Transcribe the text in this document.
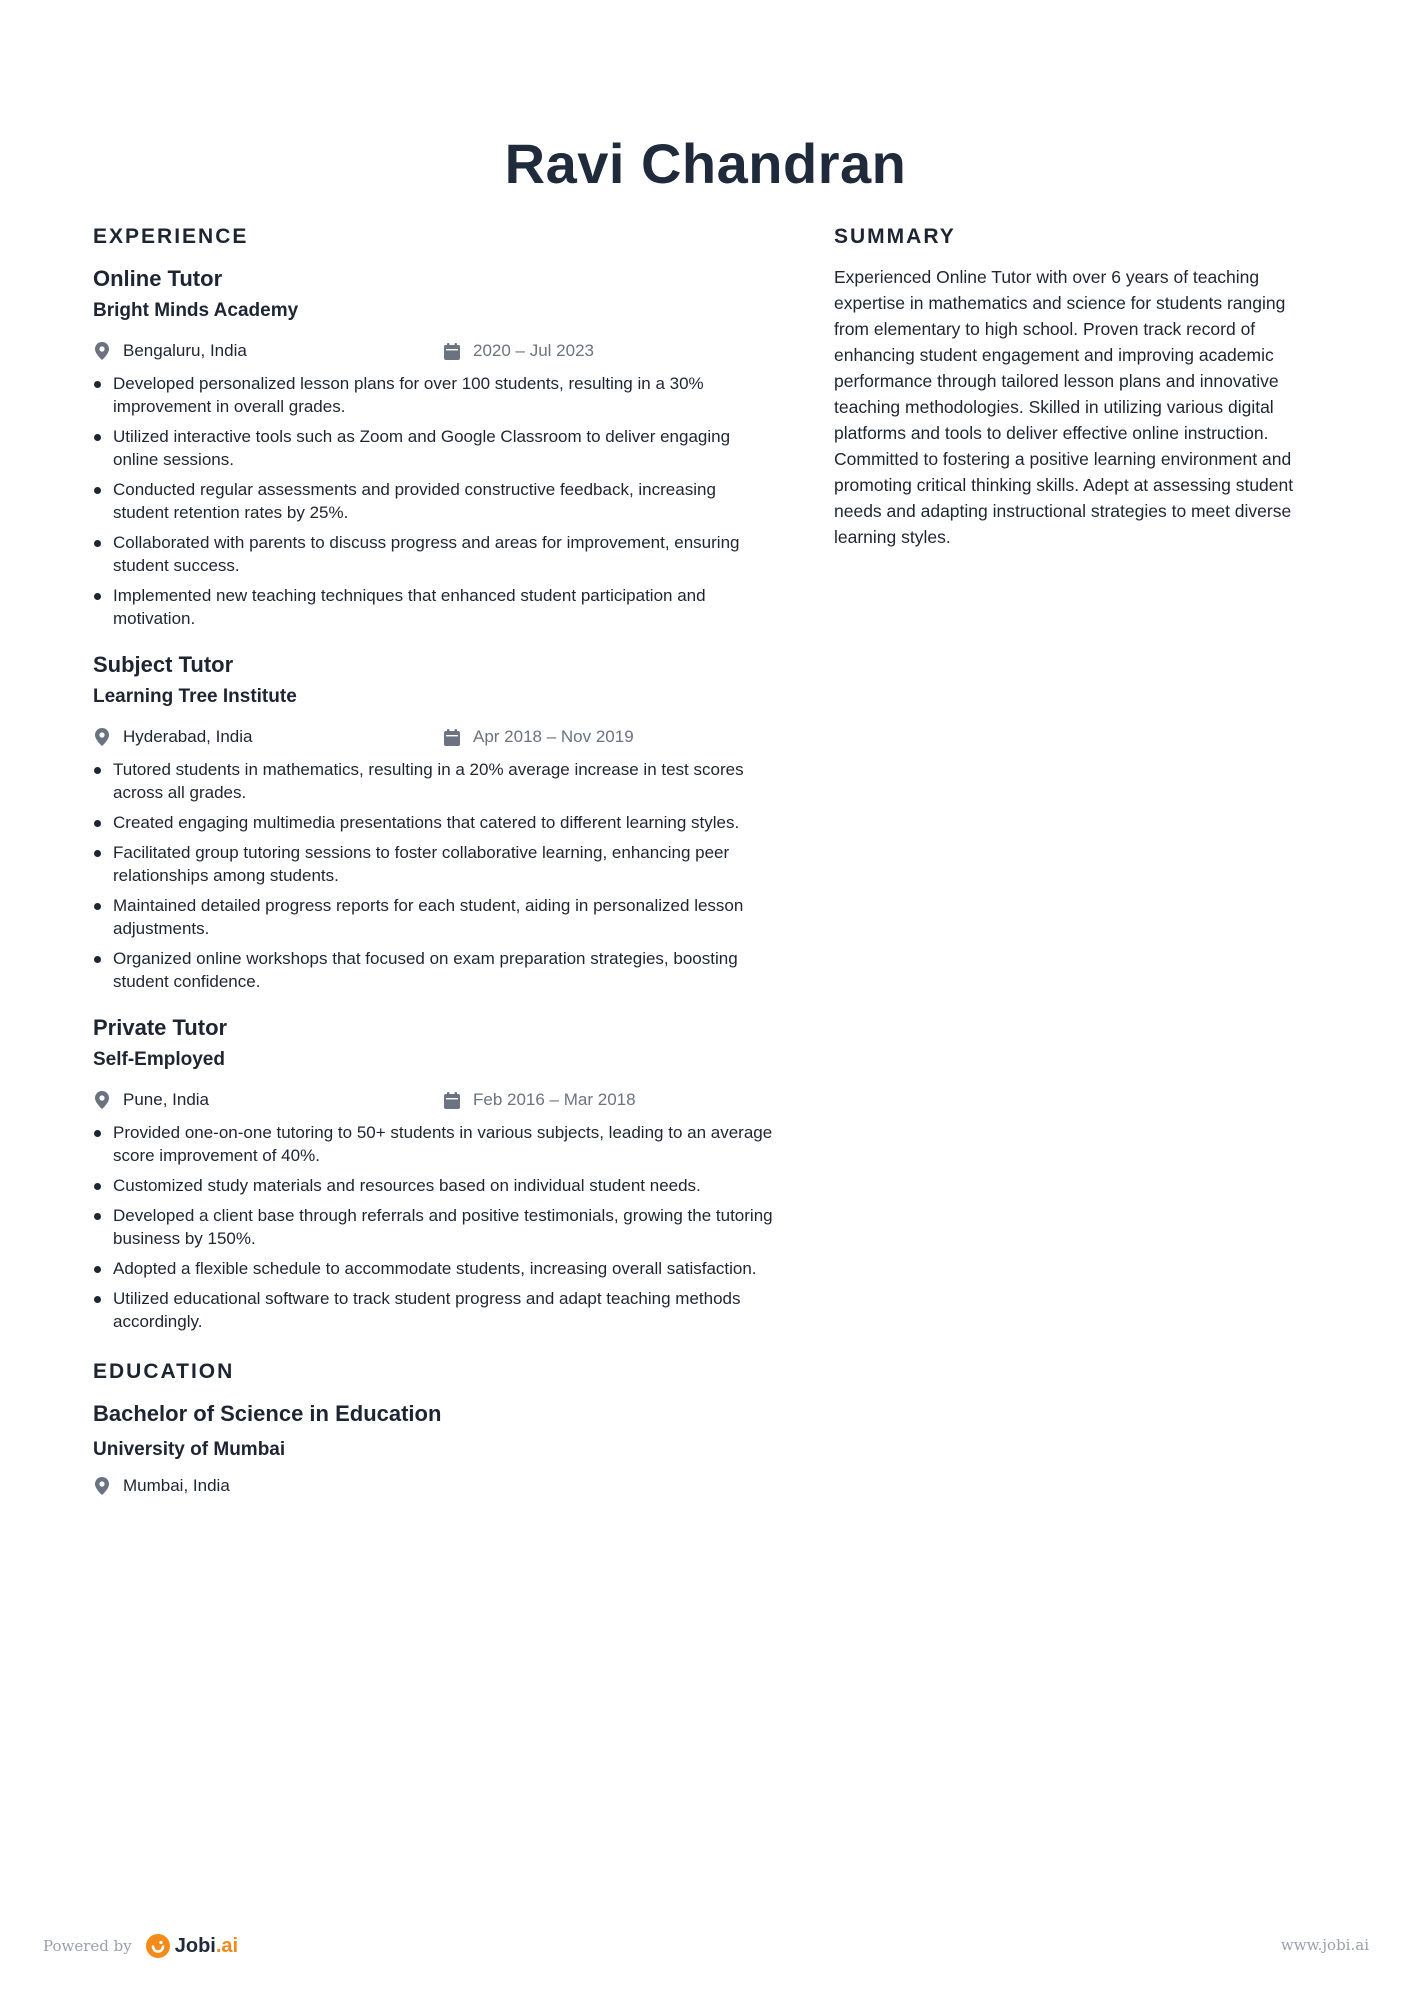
Ravi Chandran
EXPERIENCE
Online Tutor
Bright Minds Academy
Bengaluru, India	2020 – Jul 2023
Developed personalized lesson plans for over 100 students, resulting in a 30% improvement in overall grades.
Utilized interactive tools such as Zoom and Google Classroom to deliver engaging online sessions.
Conducted regular assessments and provided constructive feedback, increasing student retention rates by 25%.
Collaborated with parents to discuss progress and areas for improvement, ensuring student success.
Implemented new teaching techniques that enhanced student participation and motivation.
Subject Tutor
Learning Tree Institute
Hyderabad, India	Apr 2018 – Nov 2019
Tutored students in mathematics, resulting in a 20% average increase in test scores across all grades.
Created engaging multimedia presentations that catered to different learning styles.
Facilitated group tutoring sessions to foster collaborative learning, enhancing peer relationships among students.
Maintained detailed progress reports for each student, aiding in personalized lesson adjustments.
Organized online workshops that focused on exam preparation strategies, boosting student confidence.
Private Tutor
Self-Employed
Pune, India	Feb 2016 – Mar 2018
Provided one-on-one tutoring to 50+ students in various subjects, leading to an average score improvement of 40%.
Customized study materials and resources based on individual student needs.
Developed a client base through referrals and positive testimonials, growing the tutoring business by 150%.
Adopted a flexible schedule to accommodate students, increasing overall satisfaction.
Utilized educational software to track student progress and adapt teaching methods accordingly.
EDUCATION
Bachelor of Science in Education
University of Mumbai
Mumbai, India
SUMMARY

Experienced Online Tutor with over 6 years of teaching expertise in mathematics and science for students ranging from elementary to high school. Proven track record of enhancing student engagement and improving academic performance through tailored lesson plans and innovative teaching methodologies. Skilled in utilizing various digital platforms and tools to deliver effective online instruction. Committed to fostering a positive learning environment and promoting critical thinking skills. Adept at assessing student needs and adapting instructional strategies to meet diverse learning styles.

Powered by Jobi.ai	www.jobi.ai
